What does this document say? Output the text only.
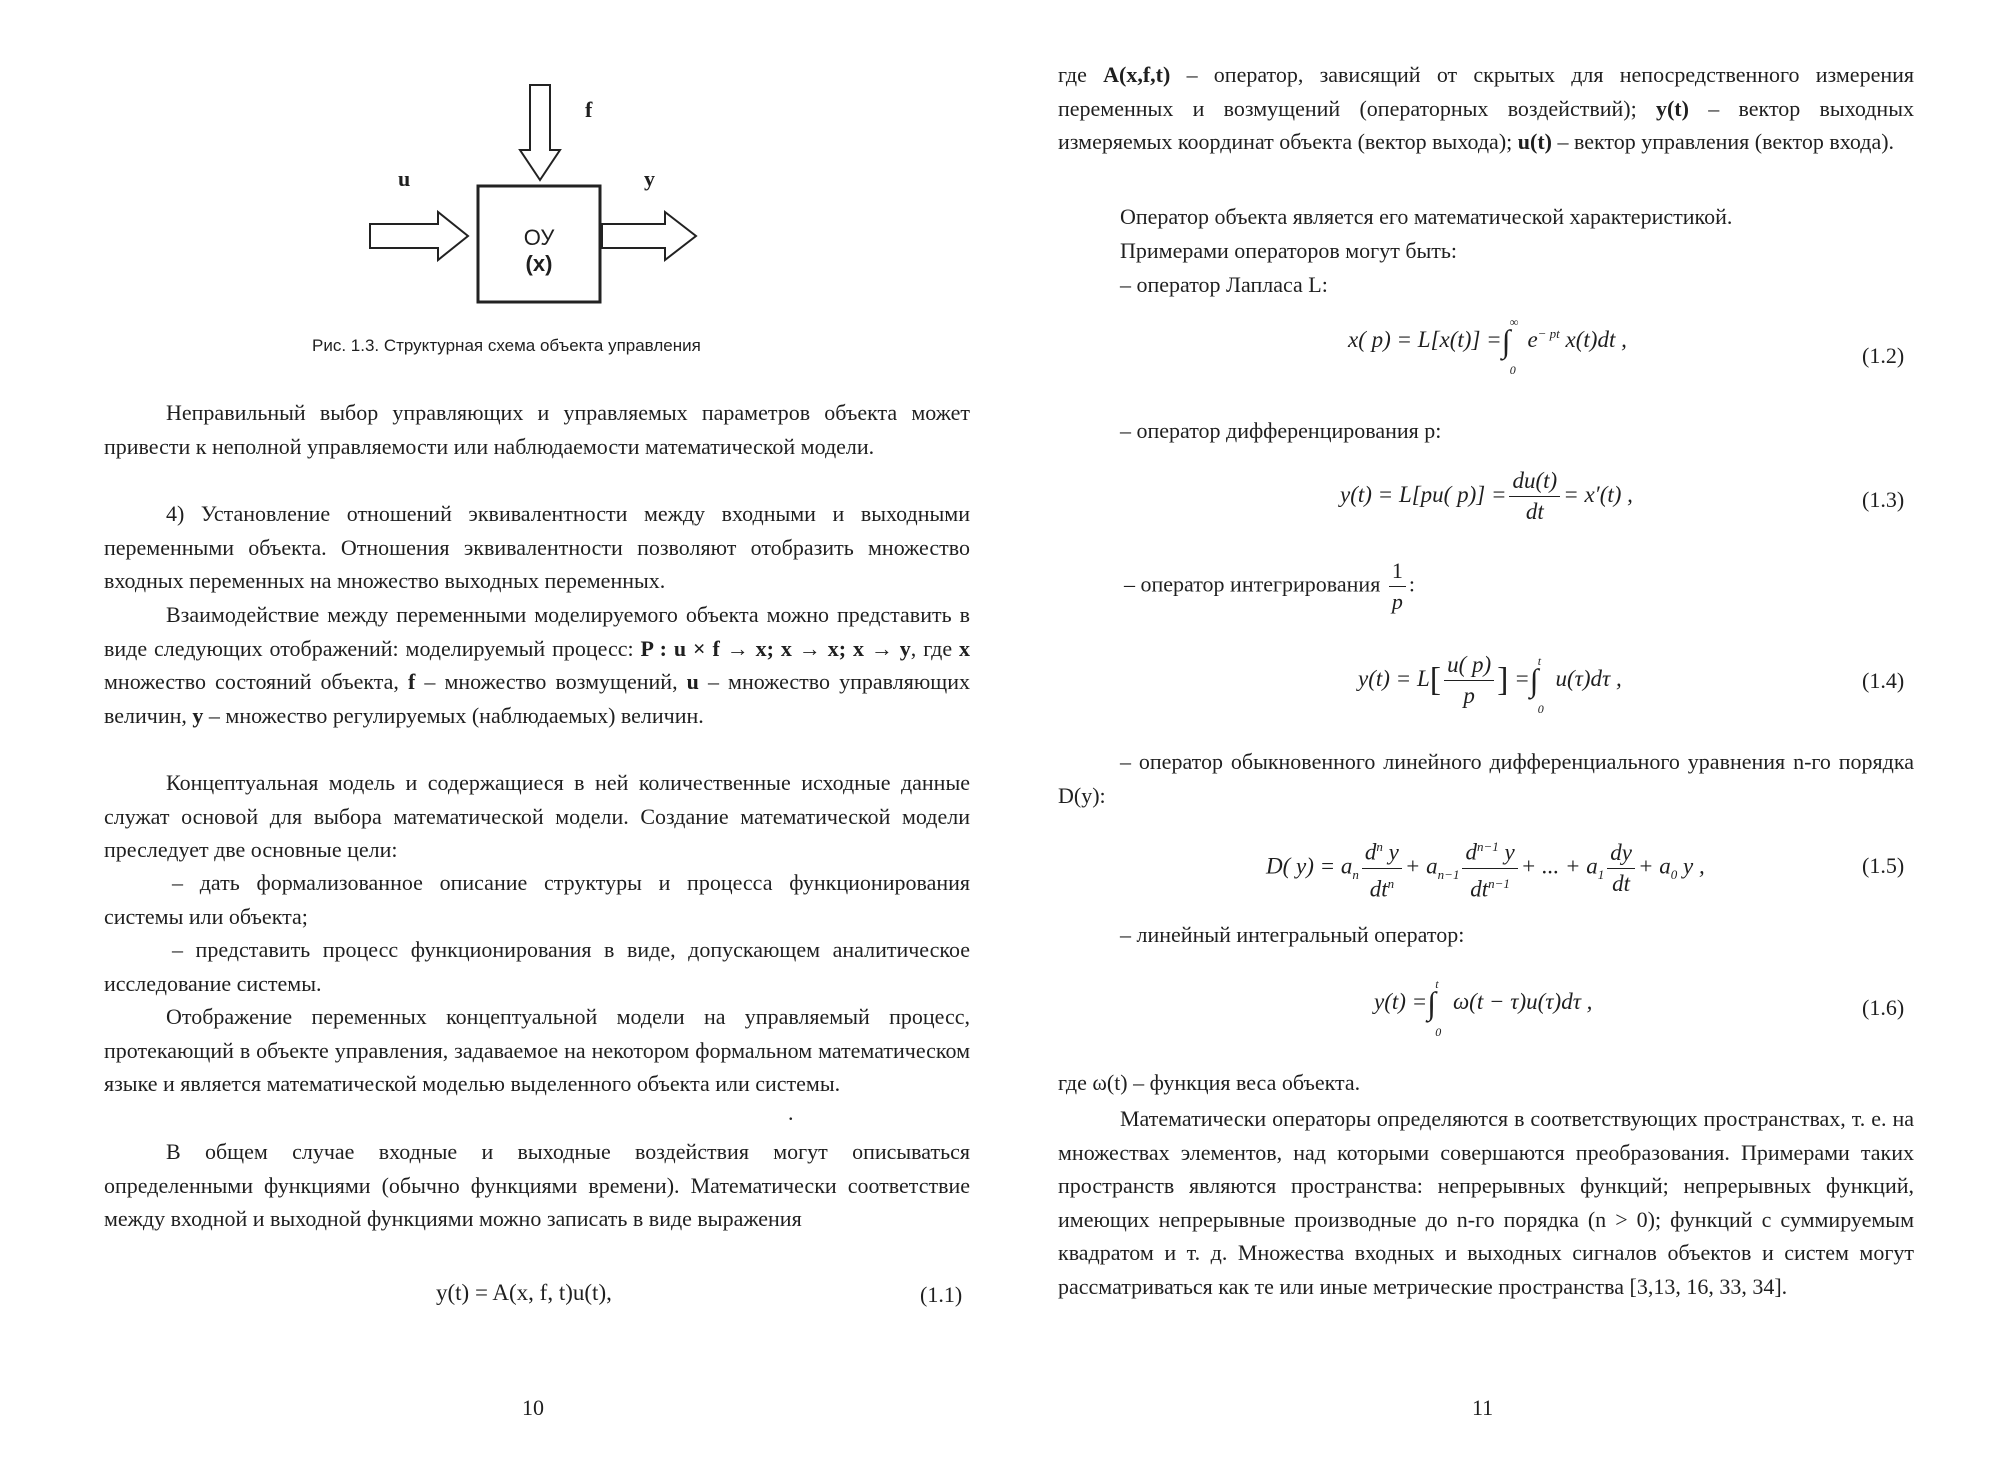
f
u	y
ОУ
(x)
Рис. 1.3. Структурная схема объекта управления

Неправильный выбор управляющих и управляемых параметров объекта может привести к неполной управляемости или наблюдаемости математической модели.

4) Установление отношений эквивалентности между входными и выходными переменными объекта. Отношения эквивалентности позволяют отобразить множество входных переменных на множество выходных переменных.

Взаимодействие между переменными моделируемого объекта можно представить в виде следующих отображений: моделируемый процесс: P : u × f → x; x → x; x → y, где x множество состояний объекта, f – множество возмущений, u – множество управляющих величин, y – множество регулируемых (наблюдаемых) величин.

Концептуальная модель и содержащиеся в ней количественные исходные данные служат основой для выбора математической модели. Создание математической модели преследует две основные цели:

– дать формализованное описание структуры и процесса функционирования системы или объекта;

– представить процесс функционирования в виде, допускающем аналитическое исследование системы.

Отображение переменных концептуальной модели на управляемый процесс, протекающий в объекте управления, задаваемое на некотором формальном математическом языке и является математической моделью выделенного объекта или системы.

.

В общем случае входные и выходные воздействия могут описываться определенными функциями (обычно функциями времени). Математически соответствие между входной и выходной функциями можно записать в виде выражения

y(t) = A(x, f, t)u(t),	(1.1)
10

где A(x,f,t) – оператор, зависящий от скрытых для непосредственного измерения переменных и возмущений (операторных воздействий); y(t) – вектор выходных измеряемых координат объекта (вектор выхода); u(t) – вектор управления (вектор входа).

Оператор объекта является его математической характеристикой.

Примерами операторов могут быть:

– оператор Лапласа L:

x( p) = L[x(t)] =∫
∞
0
$e^{- pt}$ x(t)dt ,
(1.2)

– оператор дифференцирования p:

y(t) = L[pu( $p)] = \frac{du(t)}{dt} = x'(t)$ ,	(1.3)
– оператор интегрирования $\frac{1}{p}$ :
$y(t) = L[ \frac{u( p)}{p}$ ] =∫
t
0
u(τ)dτ ,	(1.4)

– оператор обыкновенного линейного дифференциального уравнения n-го порядка D(y):

D( $y) = a_n \frac{d^n y}{dt^n} + a_{n-1} \frac{d^{n-1} y}{dt^{n-1}}$ + ... + $a_1 \frac{dy}{dt} + a_0$ y ,	(1.5)

– линейный интегральный оператор:

y(t) =∫
t
0
ω(t − τ)u(τ)dτ ,	(1.6)

где ω(t) – функция веса объекта.

Математически операторы определяются в соответствующих пространствах, т. е. на множествах элементов, над которыми совершаются преобразования. Примерами таких пространств являются пространства: непрерывных функций; непрерывных функций, имеющих непрерывные производные до n-го порядка (n > 0); функций с суммируемым квадратом и т. д. Множества входных и выходных сигналов объектов и систем могут рассматриваться как те или иные метрические пространства [3,13, 16, 33, 34].

11
